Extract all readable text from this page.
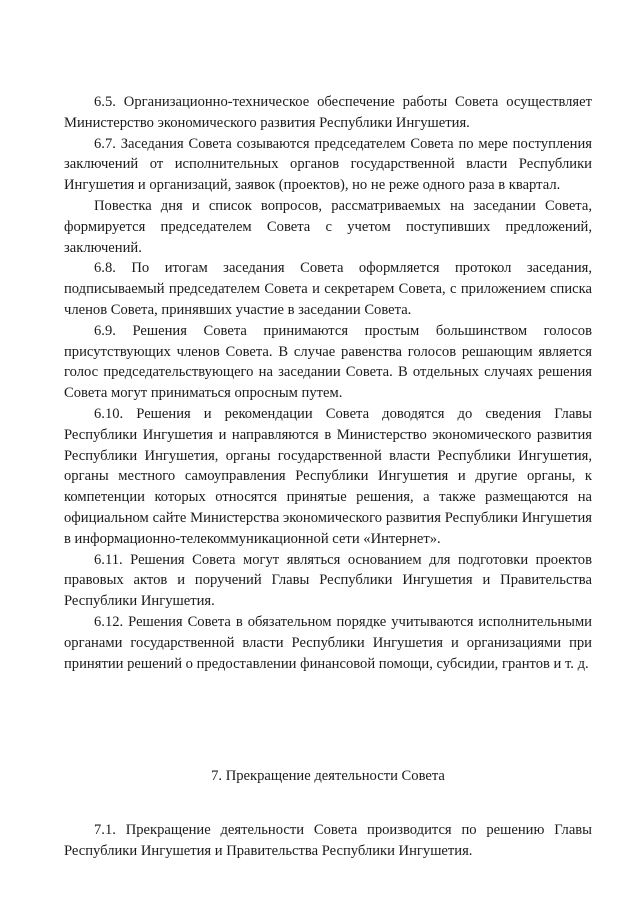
6.5. Организационно-техническое обеспечение работы Совета осуществляет Министерство экономического развития Республики Ингушетия.

6.7. Заседания Совета созываются председателем Совета по мере поступления заключений от исполнительных органов государственной власти Республики Ингушетия и организаций, заявок (проектов), но не реже одного раза в квартал.

Повестка дня и список вопросов, рассматриваемых на заседании Совета, формируется председателем Совета с учетом поступивших предложений, заключений.

6.8. По итогам заседания Совета оформляется протокол заседания, подписываемый председателем Совета и секретарем Совета, с приложением списка членов Совета, принявших участие в заседании Совета.

6.9. Решения Совета принимаются простым большинством голосов присутствующих членов Совета. В случае равенства голосов решающим является голос председательствующего на заседании Совета. В отдельных случаях решения Совета могут приниматься опросным путем.

6.10. Решения и рекомендации Совета доводятся до сведения Главы Республики Ингушетия и направляются в Министерство экономического развития Республики Ингушетия, органы государственной власти Республики Ингушетия, органы местного самоуправления Республики Ингушетия и другие органы, к компетенции которых относятся принятые решения, а также размещаются на официальном сайте Министерства экономического развития Республики Ингушетия в информационно-телекоммуникационной сети «Интернет».

6.11. Решения Совета могут являться основанием для подготовки проектов правовых актов и поручений Главы Республики Ингушетия и Правительства Республики Ингушетия.

6.12. Решения Совета в обязательном порядке учитываются исполнительными органами государственной власти Республики Ингушетия и организациями при принятии решений о предоставлении финансовой помощи, субсидии, грантов и т. д.

7. Прекращение деятельности Совета

7.1. Прекращение деятельности Совета производится по решению Главы Республики Ингушетия и Правительства Республики Ингушетия.
